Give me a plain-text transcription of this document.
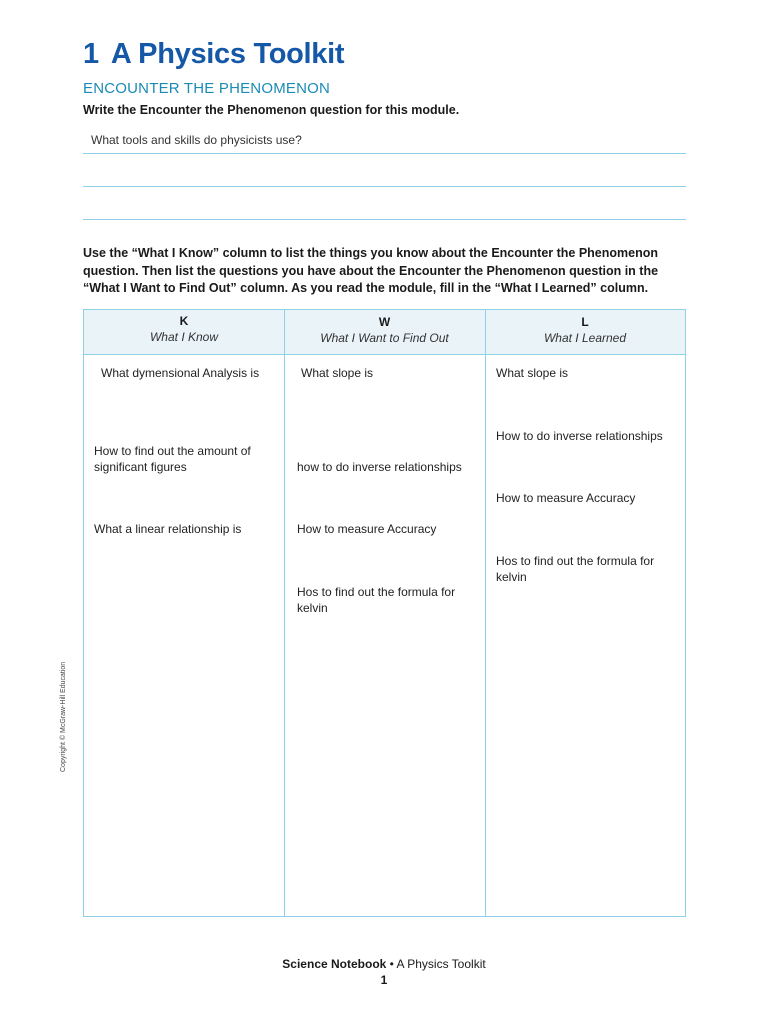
1 A Physics Toolkit
ENCOUNTER THE PHENOMENON
Write the Encounter the Phenomenon question for this module.
What tools and skills do physicists use?

Use the “What I Know” column to list the things you know about the Encounter the Phenomenon question. Then list the questions you have about the Encounter the Phenomenon question in the “What I Want to Find Out” column. As you read the module, fill in the “What I Learned” column.

K
What I Know
W
What I Want to Find Out
L
What I Learned
What dymensional Analysis is
How to find out the amount of significant figures
What a linear relationship is
What slope is
how to do inverse relationships
How to measure Accuracy
Hos to find out the formula for kelvin
What slope is
How to do inverse relationships
How to measure Accuracy
Hos to find out the formula for kelvin
Copyright © McGraw-Hill Education
Science Notebook • A Physics Toolkit
1
